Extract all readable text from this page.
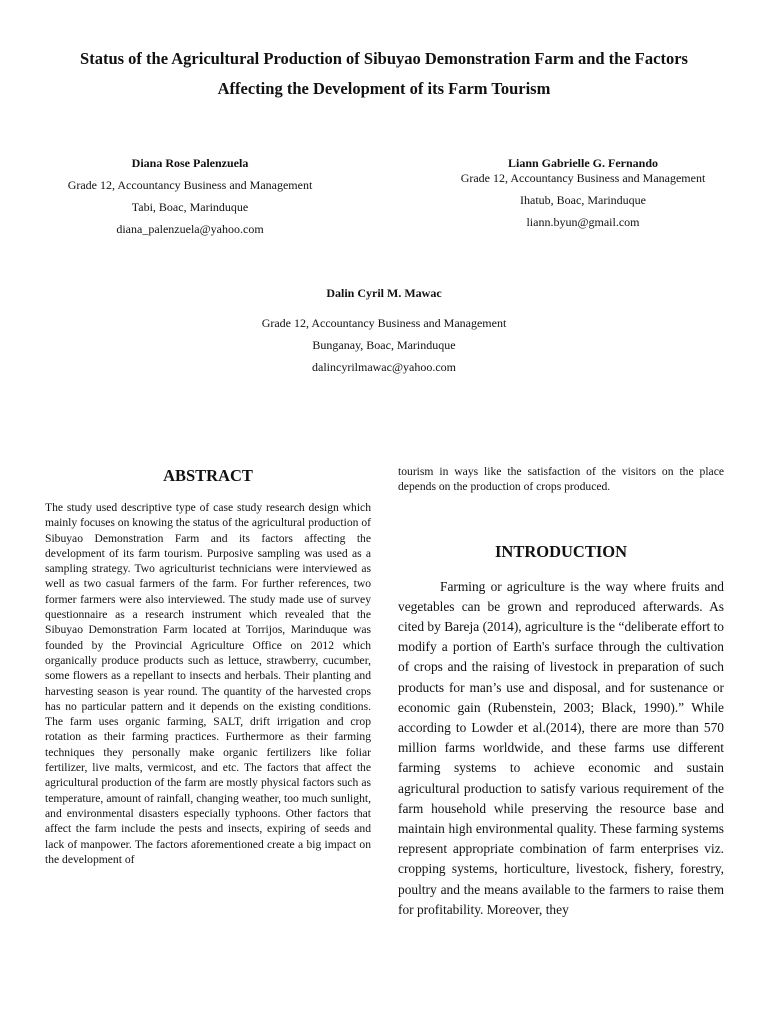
Status of the Agricultural Production of Sibuyao Demonstration Farm and the Factors
Affecting the Development of its Farm Tourism
Diana Rose Palenzuela
Grade 12, Accountancy Business and Management
Tabi, Boac, Marinduque
diana_palenzuela@yahoo.com
Liann Gabrielle G. Fernando
Grade 12, Accountancy Business and Management
Ihatub, Boac, Marinduque
liann.byun@gmail.com
Dalin Cyril M. Mawac
Grade 12, Accountancy Business and Management
Bunganay, Boac, Marinduque
dalincyrilmawac@yahoo.com
ABSTRACT

The study used descriptive type of case study research design which mainly focuses on knowing the status of the agricultural production of Sibuyao Demonstration Farm and its factors affecting the development of its farm tourism. Purposive sampling was used as a sampling strategy. Two agriculturist technicians were interviewed as well as two casual farmers of the farm. For further references, two former farmers were also interviewed. The study made use of survey questionnaire as a research instrument which revealed that the Sibuyao Demonstration Farm located at Torrijos, Marinduque was founded by the Provincial Agriculture Office on 2012 which organically produce products such as lettuce, strawberry, cucumber, some flowers as a repellant to insects and herbals. Their planting and harvesting season is year round. The quantity of the harvested crops has no particular pattern and it depends on the existing conditions. The farm uses organic farming, SALT, drift irrigation and crop rotation as their farming practices. Furthermore as their farming techniques they personally make organic fertilizers like foliar fertilizer, live malts, vermicost, and etc. The factors that affect the agricultural production of the farm are mostly physical factors such as temperature, amount of rainfall, changing weather, too much sunlight, and environmental disasters especially typhoons. Other factors that affect the farm include the pests and insects, expiring of seeds and lack of manpower. The factors aforementioned create a big impact on the development of

tourism in ways like the satisfaction of the visitors on the place depends on the production of crops produced.

INTRODUCTION

Farming or agriculture is the way where fruits and vegetables can be grown and reproduced afterwards. As cited by Bareja (2014), agriculture is the “deliberate effort to modify a portion of Earth's surface through the cultivation of crops and the raising of livestock in preparation of such products for man’s use and disposal, and for sustenance or economic gain (Rubenstein, 2003; Black, 1990).” While according to Lowder et al.(2014), there are more than 570 million farms worldwide, and these farms use different farming systems to achieve economic and sustain agricultural production to satisfy various requirement of the farm household while preserving the resource base and maintain high environmental quality. These farming systems represent appropriate combination of farm enterprises viz. cropping systems, horticulture, livestock, fishery, forestry, poultry and the means available to the farmers to raise them for profitability. Moreover, they
